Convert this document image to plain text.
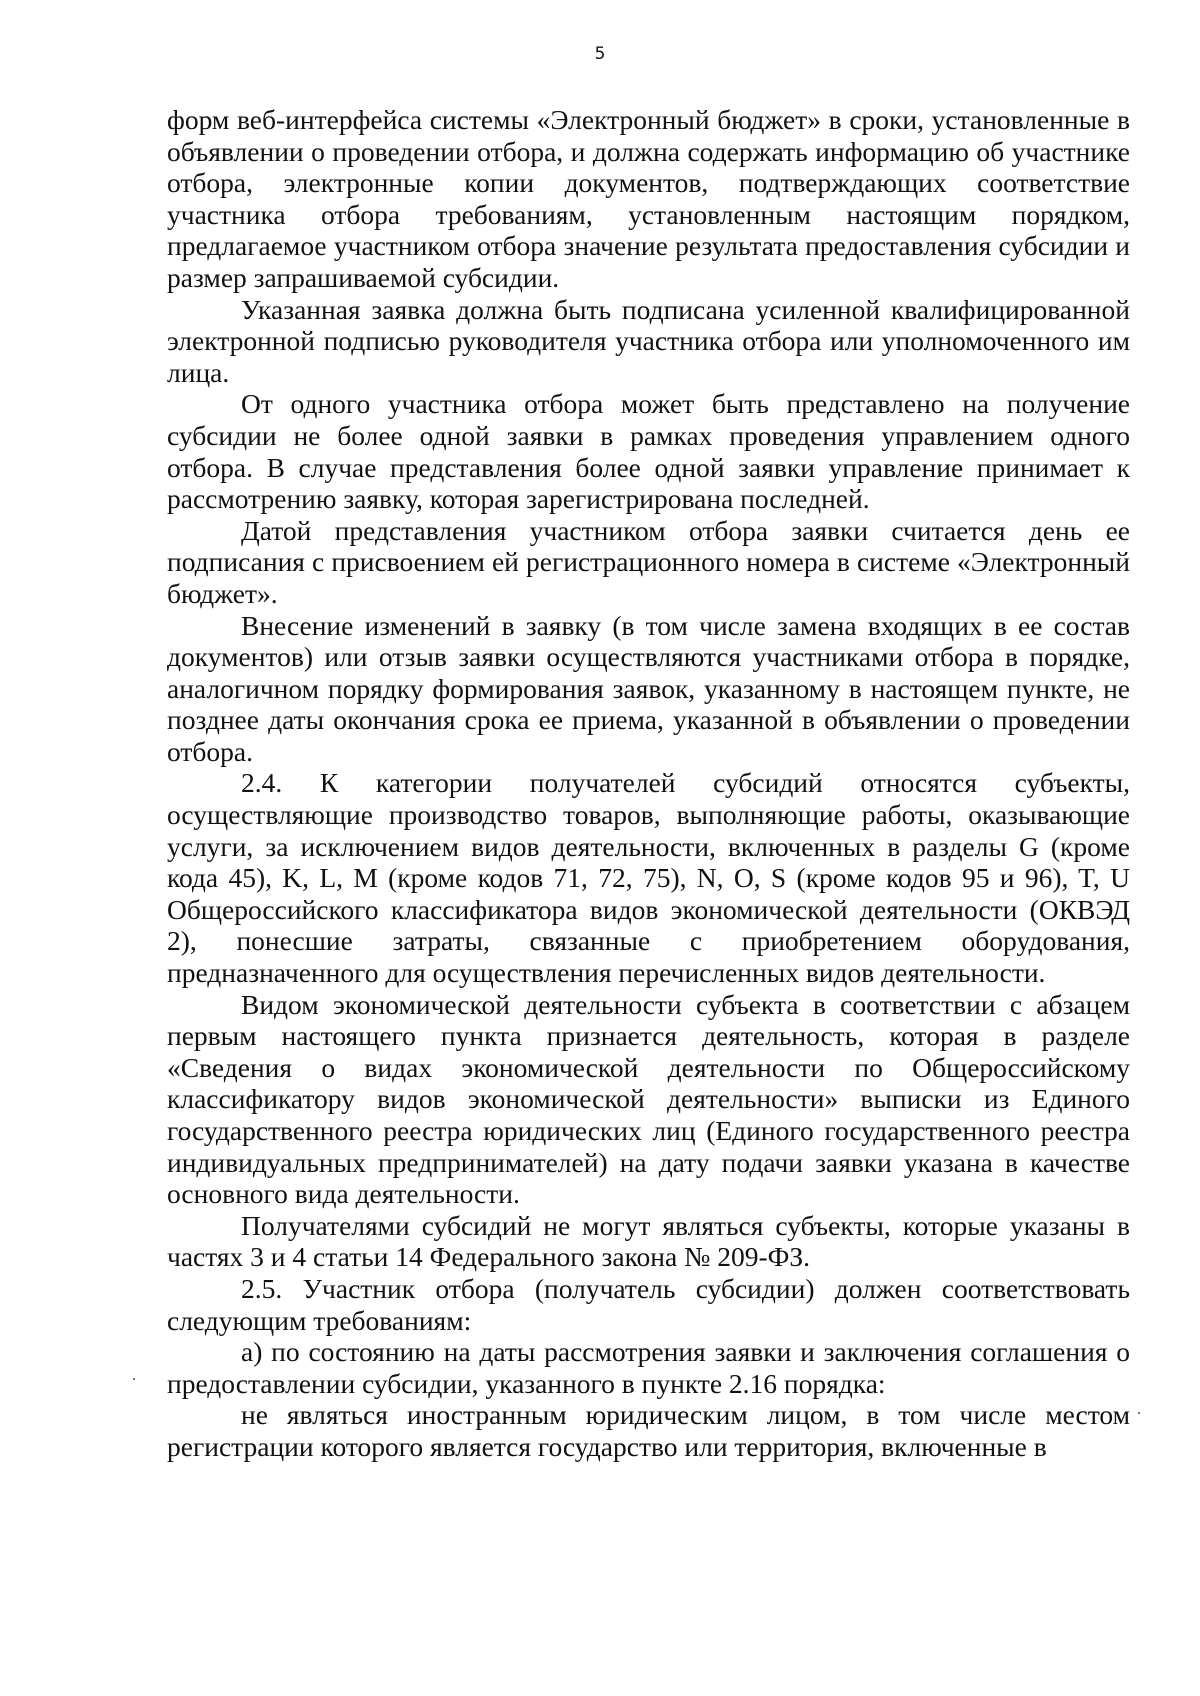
5

форм веб-интерфейса системы «Электронный бюджет» в сроки, установленные в объявлении о проведении отбора, и должна содержать информацию об участнике отбора, электронные копии документов, подтверждающих соответствие участника отбора требованиям, установленным настоящим порядком, предлагаемое участником отбора значение результата предоставления субсидии и размер запрашиваемой субсидии.

Указанная заявка должна быть подписана усиленной квалифицированной электронной подписью руководителя участника отбора или уполномоченного им лица.

От одного участника отбора может быть представлено на получение субсидии не более одной заявки в рамках проведения управлением одного отбора. В случае представления более одной заявки управление принимает к рассмотрению заявку, которая зарегистрирована последней.

Датой представления участником отбора заявки считается день ее подписания с присвоением ей регистрационного номера в системе «Электронный бюджет».

Внесение изменений в заявку (в том числе замена входящих в ее состав документов) или отзыв заявки осуществляются участниками отбора в порядке, аналогичном порядку формирования заявок, указанному в настоящем пункте, не позднее даты окончания срока ее приема, указанной в объявлении о проведении отбора.

2.4. К категории получателей субсидий относятся субъекты, осуществляющие производство товаров, выполняющие работы, оказывающие услуги, за исключением видов деятельности, включенных в разделы G (кроме кода 45), K, L, M (кроме кодов 71, 72, 75), N, O, S (кроме кодов 95 и 96), T, U Общероссийского классификатора видов экономической деятельности (ОКВЭД 2), понесшие затраты, связанные с приобретением оборудования, предназначенного для осуществления перечисленных видов деятельности.

Видом экономической деятельности субъекта в соответствии с абзацем первым настоящего пункта признается деятельность, которая в разделе «Сведения о видах экономической деятельности по Общероссийскому классификатору видов экономической деятельности» выписки из Единого государственного реестра юридических лиц (Единого государственного реестра индивидуальных предпринимателей) на дату подачи заявки указана в качестве основного вида деятельности.

Получателями субсидий не могут являться субъекты, которые указаны в частях 3 и 4 статьи 14 Федерального закона № 209-ФЗ.

2.5. Участник отбора (получатель субсидии) должен соответствовать следующим требованиям:

а) по состоянию на даты рассмотрения заявки и заключения соглашения о предоставлении субсидии, указанного в пункте 2.16 порядка:

не являться иностранным юридическим лицом, в том числе местом регистрации которого является государство или территория, включенные в
